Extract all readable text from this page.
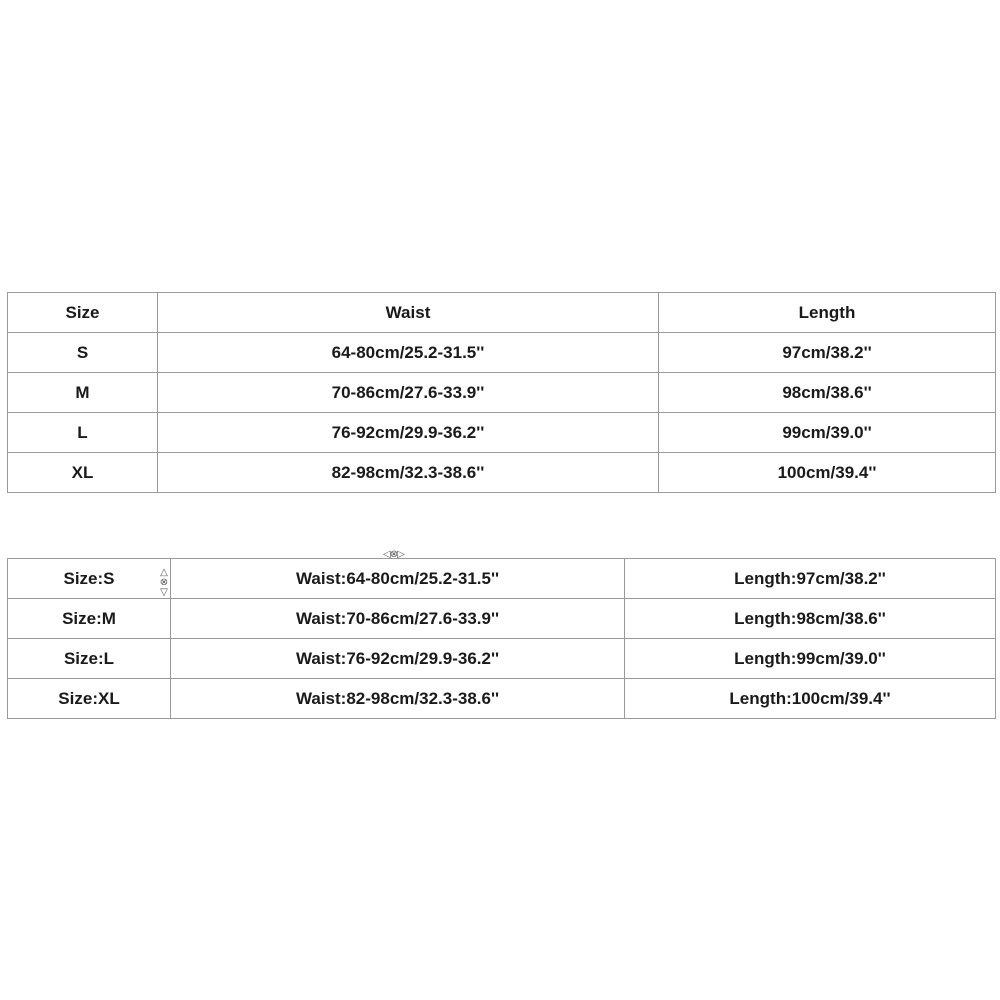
Size	Waist	Length
S	64-80cm/25.2-31.5''	97cm/38.2''
M	70-86cm/27.6-33.9''	98cm/38.6''
L	76-92cm/29.9-36.2''	99cm/39.0''
XL	82-98cm/32.3-38.6''	100cm/39.4''
Size:S	Waist:64-80cm/25.2-31.5''	Length:97cm/38.2''
Size:M	Waist:70-86cm/27.6-33.9''	Length:98cm/38.6''
Size:L	Waist:76-92cm/29.9-36.2''	Length:99cm/39.0''
Size:XL	Waist:82-98cm/32.3-38.6''	Length:100cm/39.4''
◁⊗▷
△
⊗
▽
